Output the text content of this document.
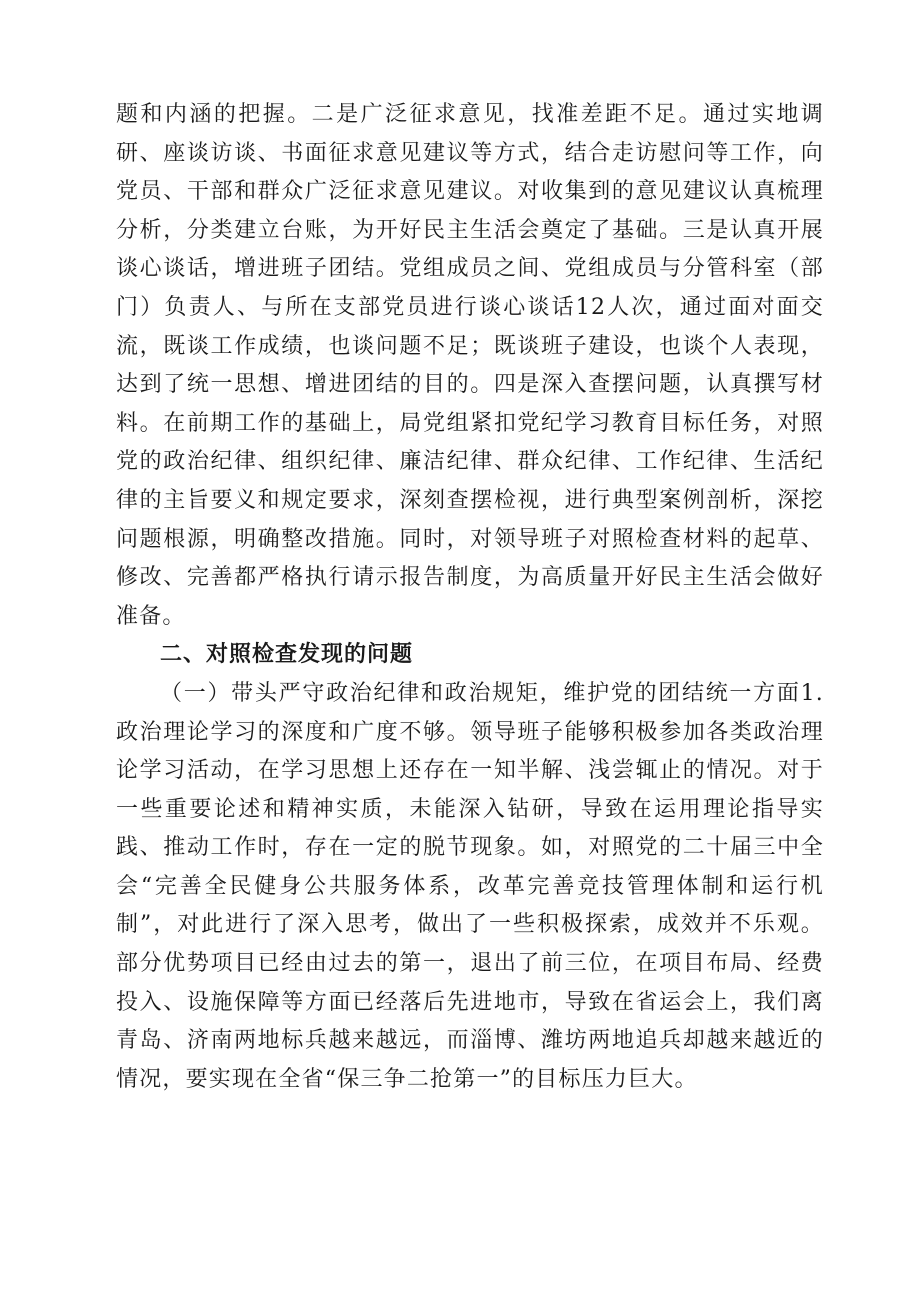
题和内涵的把握。二是广泛征求意见，找准差距不足。通过实地调研、座谈访谈、书面征求意见建议等方式，结合走访慰问等工作，向党员、干部和群众广泛征求意见建议。对收集到的意见建议认真梳理分析，分类建立台账，为开好民主生活会奠定了基础。三是认真开展谈心谈话，增进班子团结。党组成员之间、党组成员与分管科室（部门）负责人、与所在支部党员进行谈心谈话12人次，通过面对面交流，既谈工作成绩，也谈问题不足；既谈班子建设，也谈个人表现，达到了统一思想、增进团结的目的。四是深入查摆问题，认真撰写材料。在前期工作的基础上，局党组紧扣党纪学习教育目标任务，对照党的政治纪律、组织纪律、廉洁纪律、群众纪律、工作纪律、生活纪律的主旨要义和规定要求，深刻查摆检视，进行典型案例剖析，深挖问题根源，明确整改措施。同时，对领导班子对照检查材料的起草、修改、完善都严格执行请示报告制度，为高质量开好民主生活会做好准备。

二、对照检查发现的问题

（一）带头严守政治纪律和政治规矩，维护党的团结统一方面1.政治理论学习的深度和广度不够。领导班子能够积极参加各类政治理论学习活动，在学习思想上还存在一知半解、浅尝辄止的情况。对于一些重要论述和精神实质，未能深入钻研，导致在运用理论指导实践、推动工作时，存在一定的脱节现象。如，对照党的二十届三中全会“完善全民健身公共服务体系，改革完善竞技管理体制和运行机制”，对此进行了深入思考，做出了一些积极探索，成效并不乐观。部分优势项目已经由过去的第一，退出了前三位，在项目布局、经费投入、设施保障等方面已经落后先进地市，导致在省运会上，我们离青岛、济南两地标兵越来越远，而淄博、潍坊两地追兵却越来越近的情况，要实现在全省“保三争二抢第一”的目标压力巨大。
